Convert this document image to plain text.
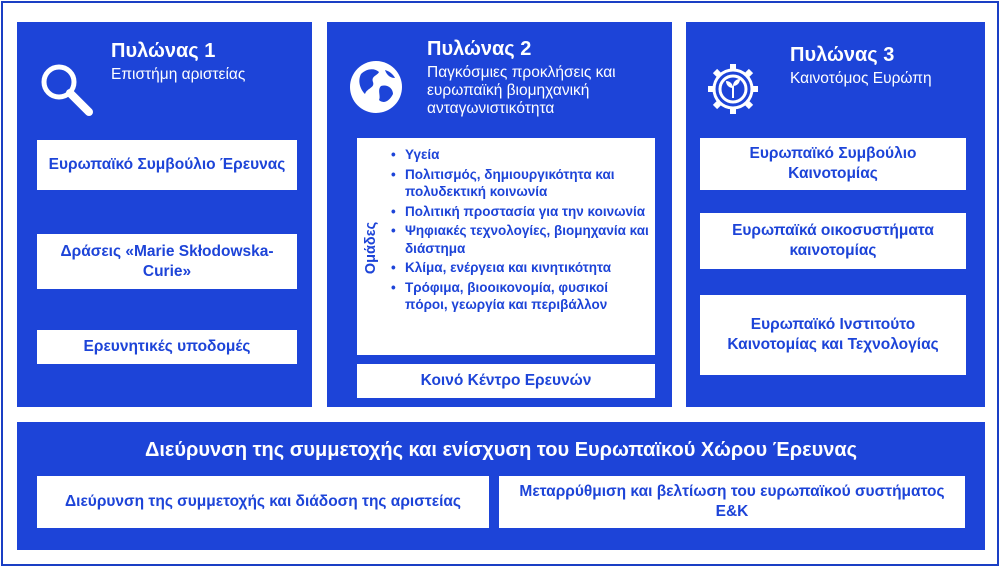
Πυλώνας 1
Επιστήμη αριστείας
Ευρωπαϊκό Συμβούλιο Έρευνας
Δράσεις «Marie Skłodowska-Curie»
Ερευνητικές υποδομές
Πυλώνας 2
Παγκόσμιες προκλήσεις και ευρωπαϊκή βιομηχανική ανταγωνιστικότητα
Ομάδες
• Υγεία
• Πολιτισμός, δημιουργικότητα και πολυδεκτική κοινωνία
• Πολιτική προστασία για την κοινωνία
• Ψηφιακές τεχνολογίες, βιομηχανία και διάστημα
• Κλίμα, ενέργεια και κινητικότητα
• Τρόφιμα, βιοοικονομία, φυσικοί πόροι, γεωργία και περιβάλλον
Κοινό Κέντρο Ερευνών
Πυλώνας 3
Καινοτόμος Ευρώπη
Ευρωπαϊκό Συμβούλιο Καινοτομίας
Ευρωπαϊκά οικοσυστήματα καινοτομίας
Ευρωπαϊκό Ινστιτούτο Καινοτομίας και Τεχνολογίας
Διεύρυνση της συμμετοχής και ενίσχυση του Ευρωπαϊκού Χώρου Έρευνας
Διεύρυνση της συμμετοχής και διάδοση της αριστείας
Μεταρρύθμιση και βελτίωση του ευρωπαϊκού συστήματος Ε&Κ
